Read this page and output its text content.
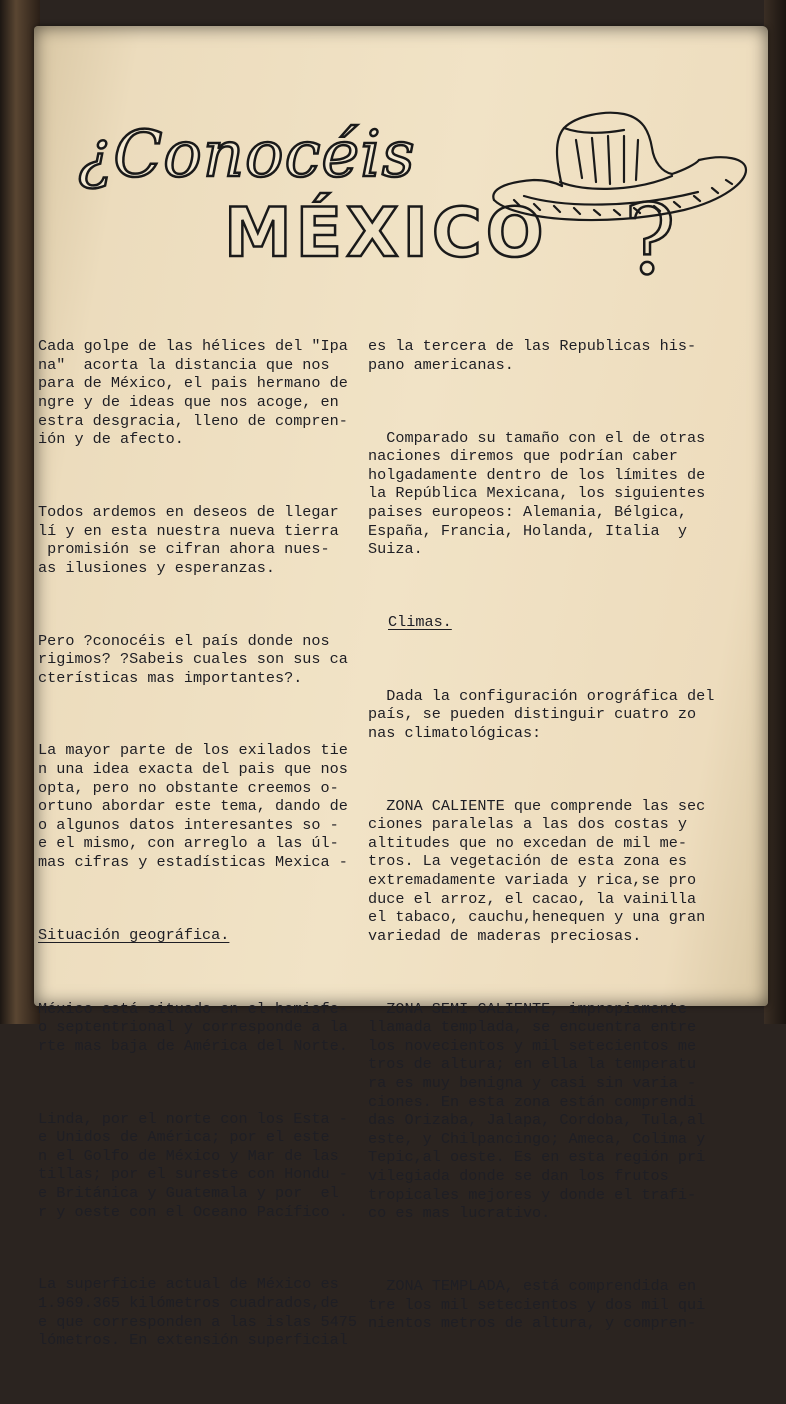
¿Conocéis
MÉXICO ?

Cada golpe de las hélices del "Ipa
na"  acorta la distancia que nos
para de México, el pais hermano de
ngre y de ideas que nos acoge, en
estra desgracia, lleno de compren-
ión y de afecto.

Todos ardemos en deseos de llegar
lí y en esta nuestra nueva tierra
promisión se cifran ahora nues-
as ilusiones y esperanzas.

Pero ?conocéis el país donde nos
rigimos? ?Sabeis cuales son sus ca
cterísticas mas importantes?.

La mayor parte de los exilados tie
n una idea exacta del pais que nos
opta, pero no obstante creemos o-
ortuno abordar este tema, dando de
o algunos datos interesantes so -
e el mismo, con arreglo a las úl-
mas cifras y estadísticas Mexica -

Situación geográfica.

México está situado en el hemisfe-
o septentrional y corresponde a la
rte mas baja de América del Norte.

Linda, por el norte con los Esta -
e Unidos de América; por el este
n el Golfo de México y Mar de las
tillas; por el sureste con Hondu -
e Británica y Guatemala y por  el
r y oeste con el Oceano Pacífico .

La superficie actual de México es
1.969.365 kilómetros cuadrados,de
e que corresponden a las islas 5475
lómetros. En extensión superficial

es la tercera de las Republicas his-
pano americanas.

Comparado su tamaño con el de otras
naciones diremos que podrían caber
holgadamente dentro de los límites de
la República Mexicana, los siguientes
paises europeos: Alemania, Bélgica,
España, Francia, Holanda, Italia  y
Suiza.

Climas.

Dada la configuración orográfica del
país, se pueden distinguir cuatro zo
nas climatológicas:

ZONA CALIENTE que comprende las sec
ciones paralelas a las dos costas y
altitudes que no excedan de mil me-
tros. La vegetación de esta zona es
extremadamente variada y rica,se pro
duce el arroz, el cacao, la vainilla
el tabaco, cauchu,henequen y una gran
variedad de maderas preciosas.

ZONA SEMI CALIENTE, impropiamente
llamada templada, se encuentra entre
los novecientos y mil setecientos me
tros de altura; en ella la temperatu
ra es muy benigna y casi sin varia -
ciones. En esta zona están comprendi
das Orizaba, Jalapa, Cordoba, Tula,al
este, y Chilpancingo; Ameca, Colima y
Tepic,al oeste. Es en esta región pri
vilegiada donde se dan los frutos
tropicales mejores y donde el trafi-
co es mas lucrativo.

ZONA TEMPLADA, está comprendida en
tre los mil setecientos y dos mil qui
nientos metros de altura, y compren-
